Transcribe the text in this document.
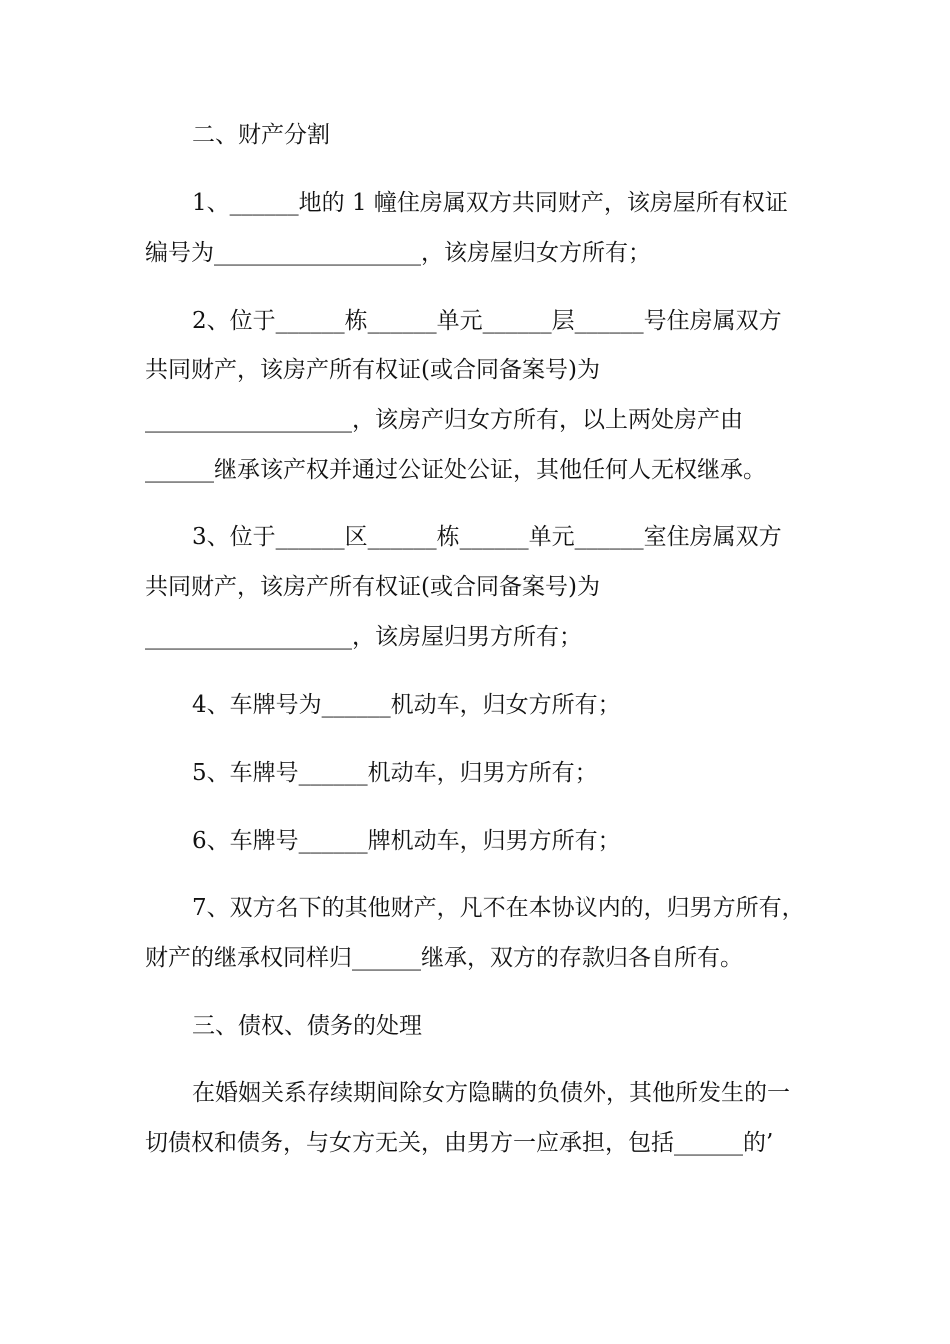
二、财产分割
1、______地的 1 幢住房属双方共同财产，该房屋所有权证
编号为__________________，该房屋归女方所有；
2、位于______栋______单元______层______号住房属双方
共同财产，该房产所有权证(或合同备案号)为
__________________，该房产归女方所有，以上两处房产由
______继承该产权并通过公证处公证，其他任何人无权继承。
3、位于______区______栋______单元______室住房属双方
共同财产，该房产所有权证(或合同备案号)为
__________________，该房屋归男方所有；
4、车牌号为______机动车，归女方所有；
5、车牌号______机动车，归男方所有；
6、车牌号______牌机动车，归男方所有；
7、双方名下的其他财产，凡不在本协议内的，归男方所有，
财产的继承权同样归______继承，双方的存款归各自所有。
三、债权、债务的处理
在婚姻关系存续期间除女方隐瞒的负债外，其他所发生的一
切债权和债务，与女方无关，由男方一应承担，包括______的’
